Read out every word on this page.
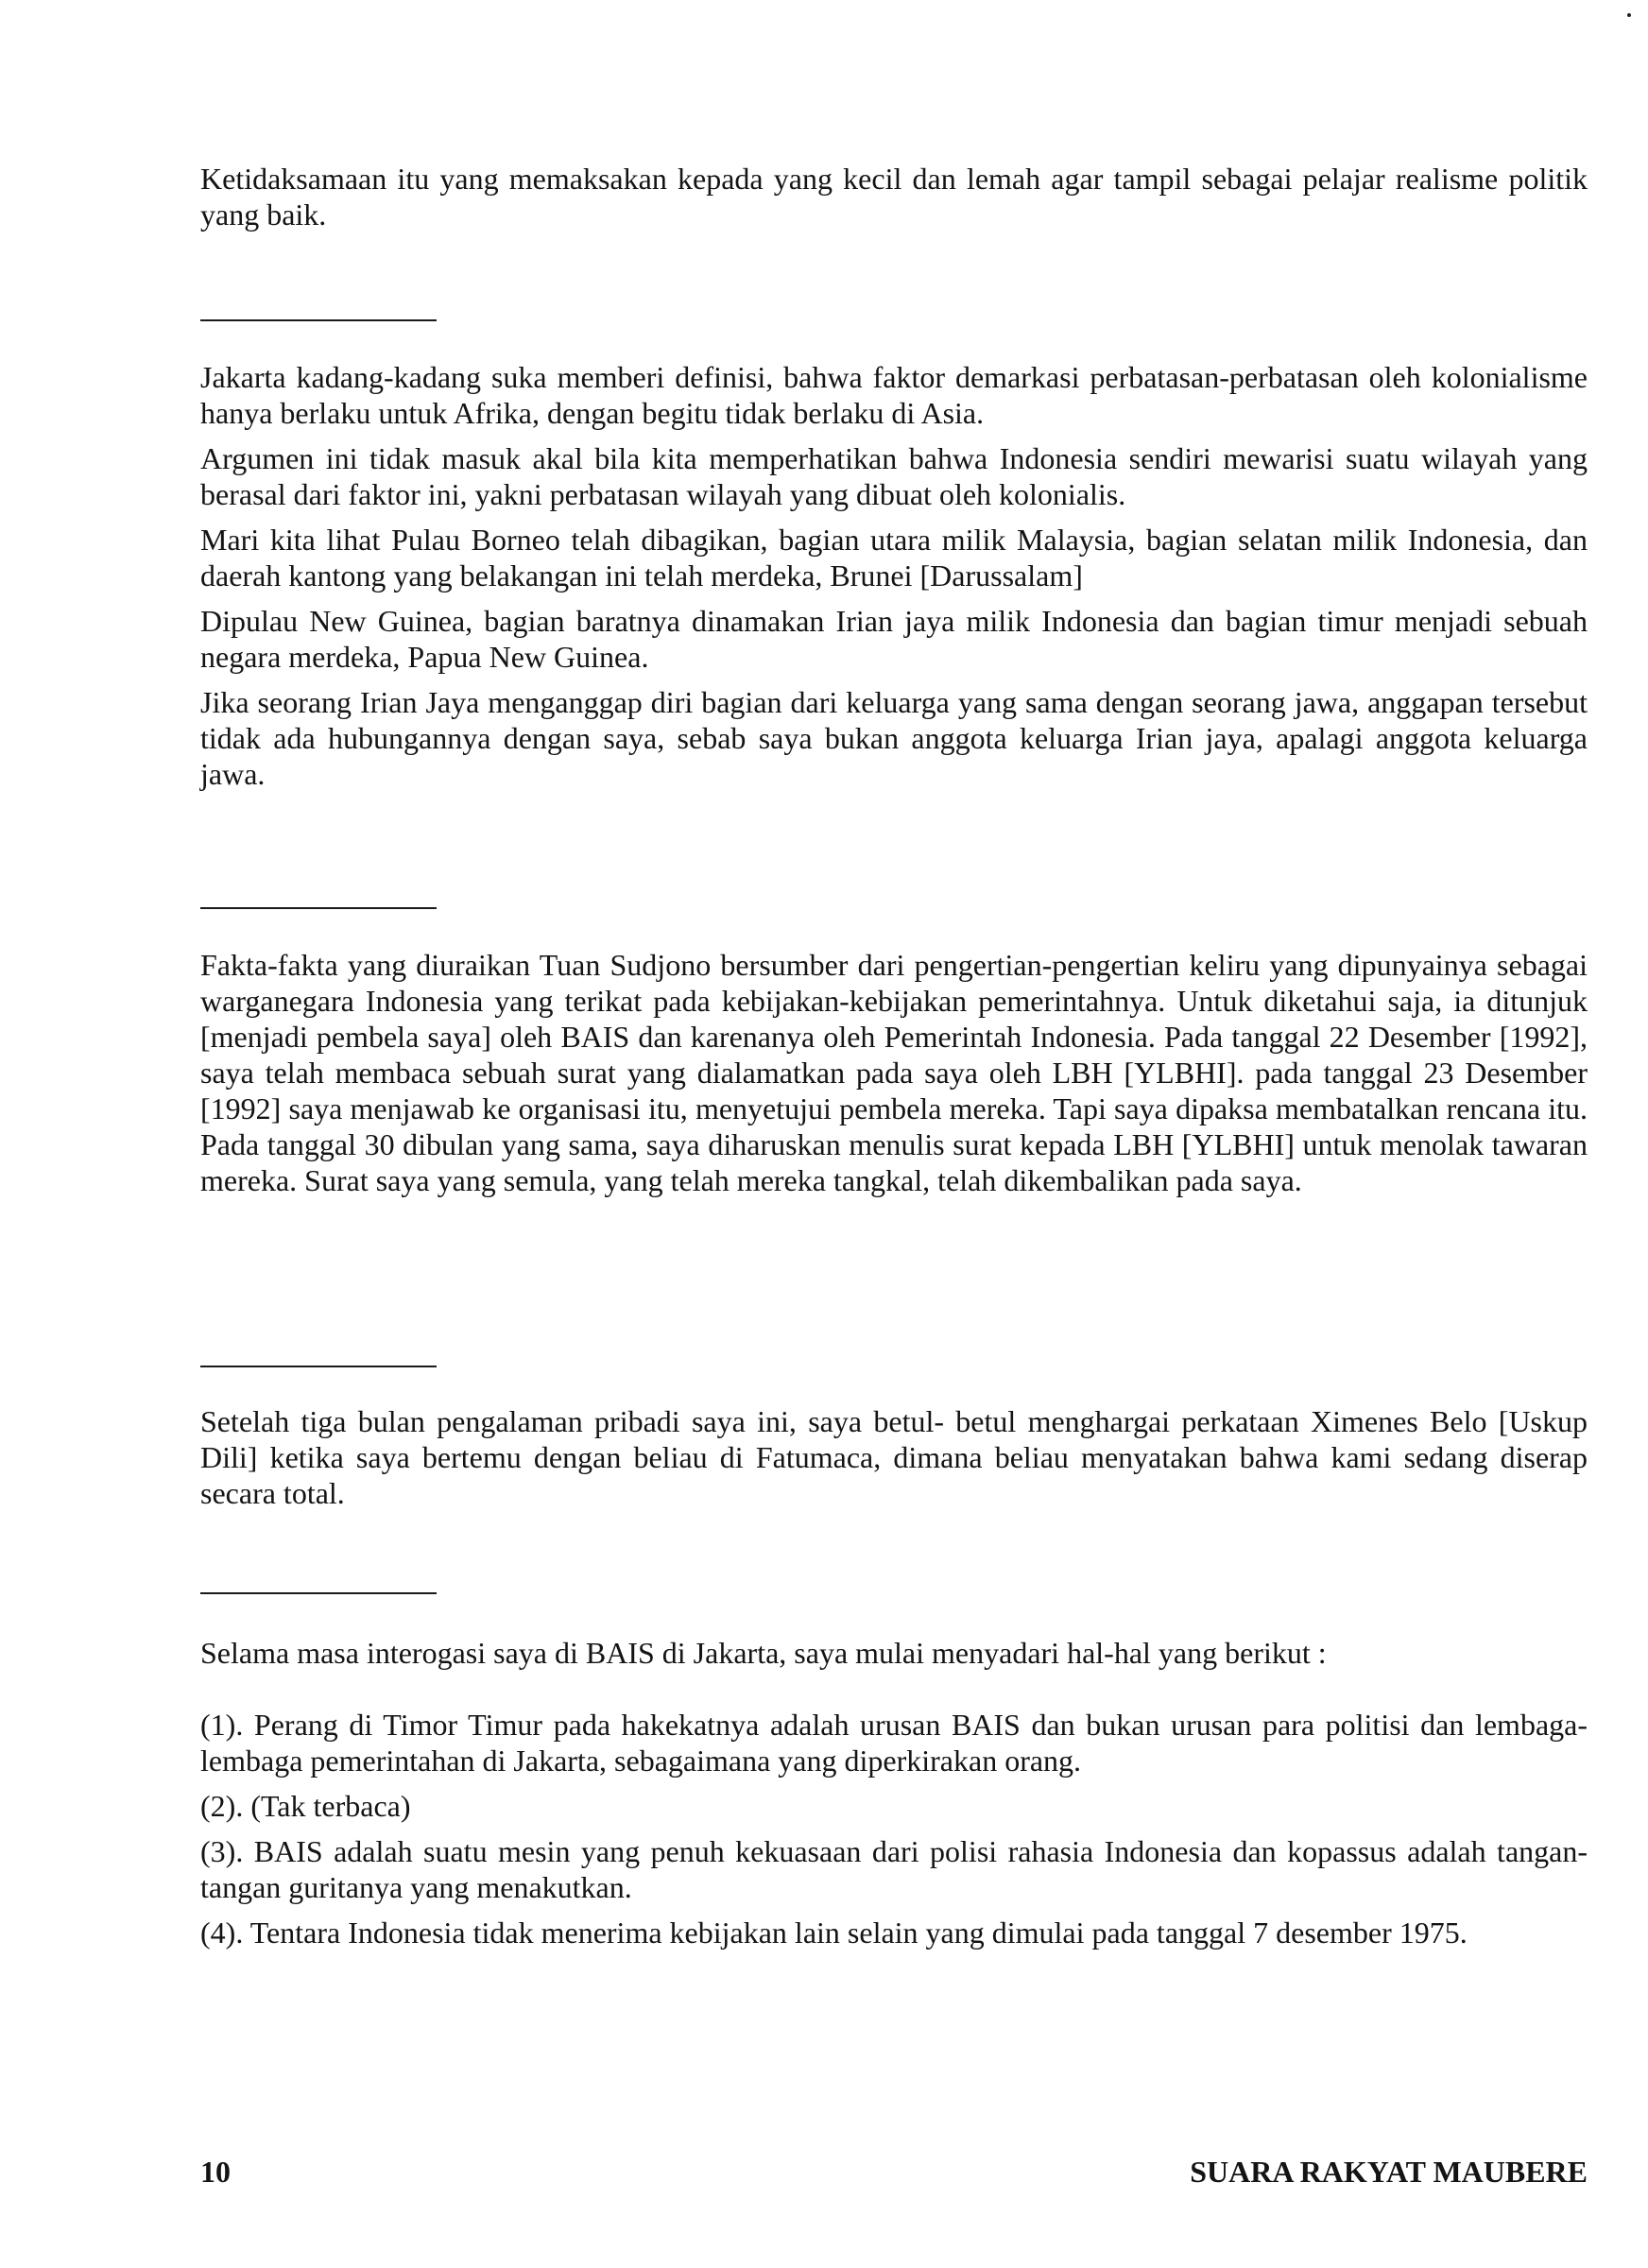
Ketidaksamaan itu yang memaksakan kepada yang kecil dan lemah agar tampil sebagai pelajar realisme politik yang baik.

Jakarta kadang-kadang suka memberi definisi, bahwa faktor demarkasi perbatasan-perbatasan oleh kolonialisme hanya berlaku untuk Afrika, dengan begitu tidak berlaku di Asia.

Argumen ini tidak masuk akal bila kita memperhatikan bahwa Indonesia sendiri mewarisi suatu wilayah yang berasal dari faktor ini, yakni perbatasan wilayah yang dibuat oleh kolonialis.

Mari kita lihat Pulau Borneo telah dibagikan, bagian utara milik Malaysia, bagian selatan milik Indonesia, dan daerah kantong yang belakangan ini telah merdeka, Brunei [Darussalam]

Dipulau New Guinea, bagian baratnya dinamakan Irian jaya milik Indonesia dan bagian timur menjadi sebuah negara merdeka, Papua New Guinea.

Jika seorang Irian Jaya menganggap diri bagian dari keluarga yang sama dengan seorang jawa, anggapan tersebut tidak ada hubungannya dengan saya, sebab saya bukan anggota keluarga Irian jaya, apalagi anggota keluarga jawa.

Fakta-fakta yang diuraikan Tuan Sudjono bersumber dari pengertian-pengertian keliru yang dipunyainya sebagai warganegara Indonesia yang terikat pada kebijakan-kebijakan pemerintahnya. Untuk diketahui saja, ia ditunjuk [menjadi pembela saya] oleh BAIS dan karenanya oleh Pemerintah Indonesia. Pada tanggal 22 Desember [1992], saya telah membaca sebuah surat yang dialamatkan pada saya oleh LBH [YLBHI]. pada tanggal 23 Desember [1992] saya menjawab ke organisasi itu, menyetujui pembela mereka. Tapi saya dipaksa membatalkan rencana itu. Pada tanggal 30 dibulan yang sama, saya diharuskan menulis surat kepada LBH [YLBHI] untuk menolak tawaran mereka. Surat saya yang semula, yang telah mereka tangkal, telah dikembalikan pada saya.

Setelah tiga bulan pengalaman pribadi saya ini, saya betul- betul menghargai perkataan Ximenes Belo [Uskup Dili] ketika saya bertemu dengan beliau di Fatumaca, dimana beliau menyatakan bahwa kami sedang diserap secara total.

Selama masa interogasi saya di BAIS di Jakarta, saya mulai menyadari hal-hal yang berikut :

(1). Perang di Timor Timur pada hakekatnya adalah urusan BAIS dan bukan urusan para politisi dan lembaga-lembaga pemerintahan di Jakarta, sebagaimana yang diperkirakan orang.

(2). (Tak terbaca)

(3). BAIS adalah suatu mesin yang penuh kekuasaan dari polisi rahasia Indonesia dan kopassus adalah tangan-tangan guritanya yang menakutkan.

(4). Tentara Indonesia tidak menerima kebijakan lain selain yang dimulai pada tanggal 7 desember 1975.

10	SUARA RAKYAT MAUBERE
